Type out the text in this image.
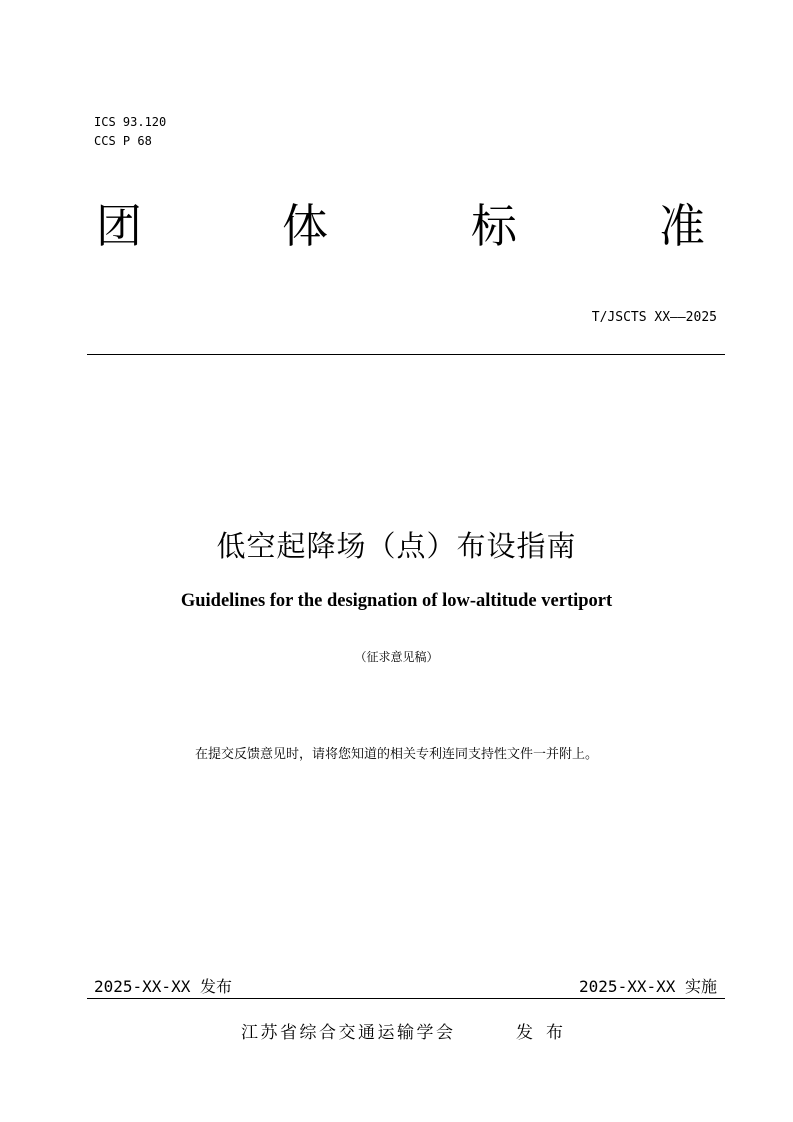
ICS 93.120
CCS P 68
团	体	标	准
T/JSCTS XX——2025
低空起降场（点）布设指南
Guidelines for the designation of low-altitude vertiport
（征求意见稿）
在提交反馈意见时，请将您知道的相关专利连同支持性文件一并附上。
2025-XX-XX 发布	2025-XX-XX 实施
江苏省综合交通运输学会	发布
